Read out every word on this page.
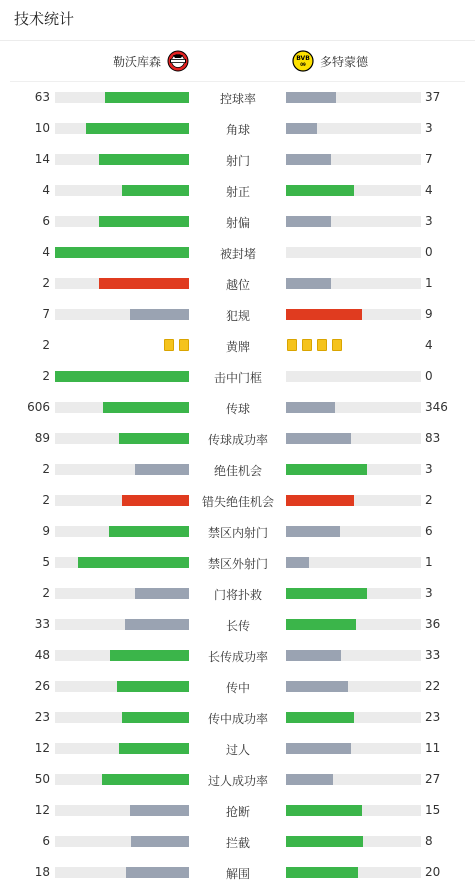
技术统计
勒沃库森	BVB
09 多特蒙德
63	控球率	37
10	角球	3
14	射门	7
4	射正	4
6	射偏	3
4	被封堵	0
2	越位	1
7	犯规	9
2	黄牌	4
2	击中门框	0
606	传球	346
89	传球成功率	83
2	绝佳机会	3
2	错失绝佳机会	2
9	禁区内射门	6
5	禁区外射门	1
2	门将扑救	3
33	长传	36
48	长传成功率	33
26	传中	22
23	传中成功率	23
12	过人	11
50	过人成功率	27
12	抢断	15
6	拦截	8
18	解围	20
